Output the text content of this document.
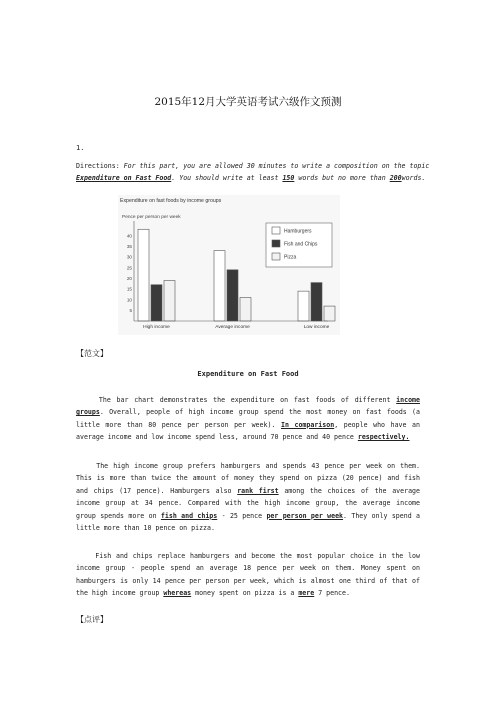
2015年12月大学英语考试六级作文预测
1.
Directions: For this part, you are allowed 30 minutes to write a composition on the topic Expenditure on Fast Food. You should write at least 150 words but no more than 200words.
Expenditure on fast foods by income groups
Pence per person per week
5
10
15
20
25
30
35
40
High income	Average income	Low income
Hamburgers
Fish and Chips
Pizza
【范文】
Expenditure on Fast Food
The bar chart demonstrates the expenditure on fast foods of different income groups. Overall, people of high income group spend the most money on fast foods (a little more than 80 pence per person per week). In comparison, people who have an average income and low income spend less, around 70 pence and 40 pence respectively.
The high income group prefers hamburgers and spends 43 pence per week on them. This is more than twice the amount of money they spend on pizza (20 pence) and fish and chips (17 pence). Hamburgers also rank first among the choices of the average income group at 34 pence. Compared with the high income group, the average income group spends more on fish and chips - 25 pence per person per week. They only spend a little more than 10 pence on pizza.
Fish and chips replace hamburgers and become the most popular choice in the low income group - people spend an average 18 pence per week on them. Money spent on hamburgers is only 14 pence per person per week, which is almost one third of that of the high income group whereas money spent on pizza is a mere 7 pence.
【点评】
